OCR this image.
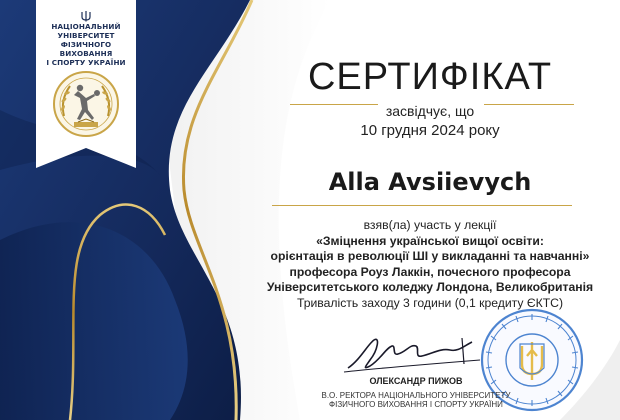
НАЦІОНАЛЬНИЙ
УНІВЕРСИТЕТ
ФІЗИЧНОГО
ВИХОВАННЯ
І СПОРТУ УКРАЇНИ	СЕРТИФІКАТ
засвідчує, що
10 грудня 2024 року
Alla Avsiievych
взяв(ла) участь у лекції
«Зміцнення української вищої освіти:
орієнтація в революції ШІ у викладанні та навчанні»
професора Роуз Лаккін, почесного професора
Університетського коледжу Лондона, Великобританія
Тривалість заходу 3 години (0,1 кредиту ЄКТС)
ОЛЕКСАНДР ПИЖОВ
В.О. РЕКТОРА НАЦІОНАЛЬНОГО УНІВЕРСИТЕТУ
ФІЗИЧНОГО ВИХОВАННЯ І СПОРТУ УКРАЇНИ
